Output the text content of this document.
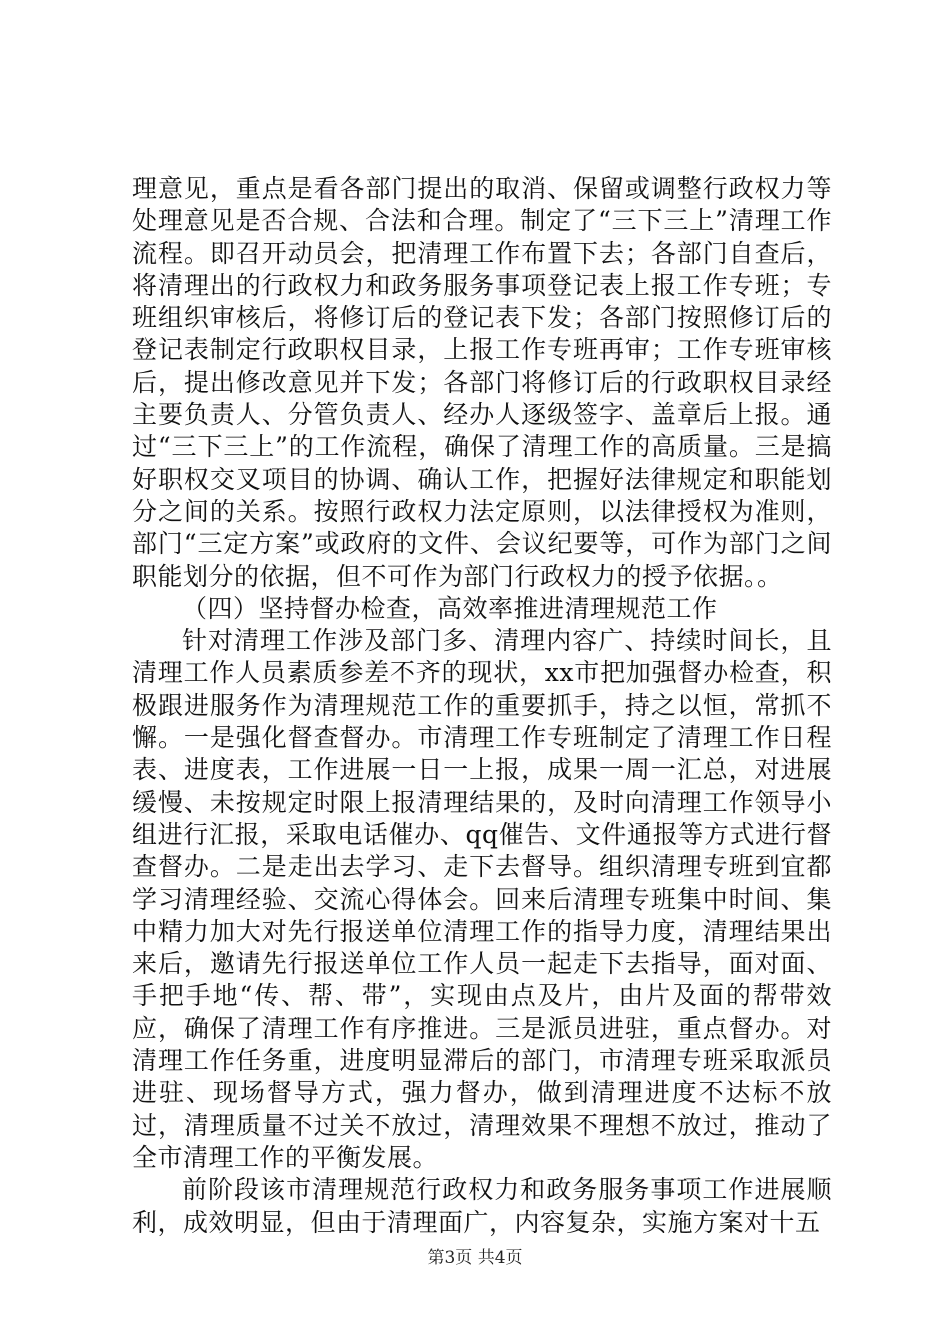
理意见，重点是看各部门提出的取消、保留或调整行政权力等处理意见是否合规、合法和合理。制定了“三下三上”清理工作流程。即召开动员会，把清理工作布置下去；各部门自查后，将清理出的行政权力和政务服务事项登记表上报工作专班；专班组织审核后，将修订后的登记表下发；各部门按照修订后的登记表制定行政职权目录，上报工作专班再审；工作专班审核后，提出修改意见并下发；各部门将修订后的行政职权目录经主要负责人、分管负责人、经办人逐级签字、盖章后上报。通过“三下三上”的工作流程，确保了清理工作的高质量。三是搞好职权交叉项目的协调、确认工作，把握好法律规定和职能划分之间的关系。按照行政权力法定原则，以法律授权为准则，部门“三定方案”或政府的文件、会议纪要等，可作为部门之间职能划分的依据，但不可作为部门行政权力的授予依据。。

（四）坚持督办检查，高效率推进清理规范工作

针对清理工作涉及部门多、清理内容广、持续时间长，且清理工作人员素质参差不齐的现状，xx市把加强督办检查，积极跟进服务作为清理规范工作的重要抓手，持之以恒，常抓不懈。一是强化督查督办。市清理工作专班制定了清理工作日程表、进度表，工作进展一日一上报，成果一周一汇总，对进展缓慢、未按规定时限上报清理结果的，及时向清理工作领导小组进行汇报，采取电话催办、qq催告、文件通报等方式进行督查督办。二是走出去学习、走下去督导。组织清理专班到宜都学习清理经验、交流心得体会。回来后清理专班集中时间、集中精力加大对先行报送单位清理工作的指导力度，清理结果出来后，邀请先行报送单位工作人员一起走下去指导，面对面、手把手地“传、帮、带”，实现由点及片，由片及面的帮带效应，确保了清理工作有序推进。三是派员进驻，重点督办。对清理工作任务重，进度明显滞后的部门，市清理专班采取派员进驻、现场督导方式，强力督办，做到清理进度不达标不放过，清理质量不过关不放过，清理效果不理想不放过，推动了全市清理工作的平衡发展。

前阶段该市清理规范行政权力和政务服务事项工作进展顺利，成效明显，但由于清理面广，内容复杂，实施方案对十五

第3页 共4页
